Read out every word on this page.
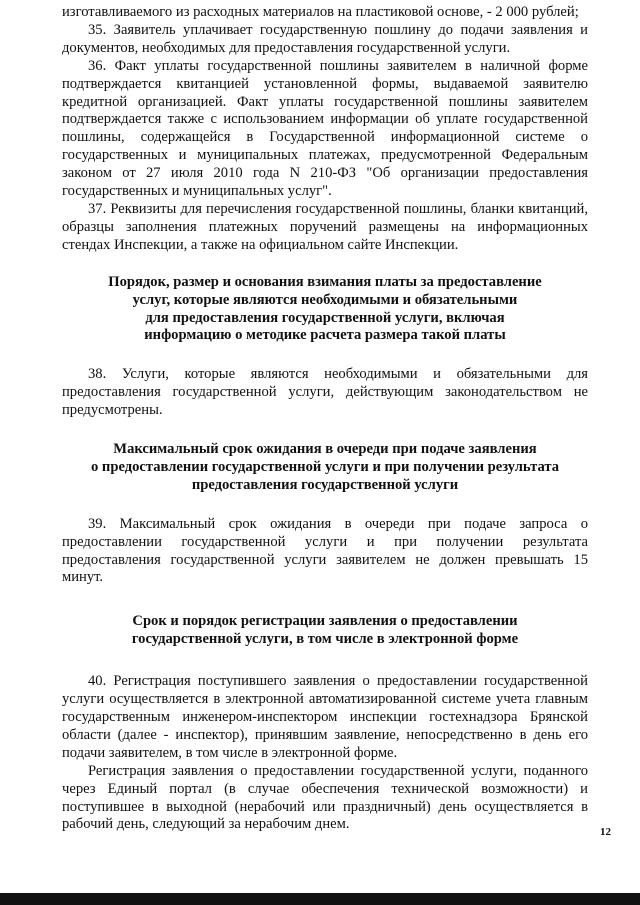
изготавливаемого из расходных материалов на пластиковой основе, - 2 000 рублей;

35. Заявитель уплачивает государственную пошлину до подачи заявления и документов, необходимых для предоставления государственной услуги.

36. Факт уплаты государственной пошлины заявителем в наличной форме подтверждается квитанцией установленной формы, выдаваемой заявителю кредитной организацией. Факт уплаты государственной пошлины заявителем подтверждается также с использованием информации об уплате государственной пошлины, содержащейся в Государственной информационной системе о государственных и муниципальных платежах, предусмотренной Федеральным законом от 27 июля 2010 года N 210-ФЗ "Об организации предоставления государственных и муниципальных услуг".

37. Реквизиты для перечисления государственной пошлины, бланки квитанций, образцы заполнения платежных поручений размещены на информационных стендах Инспекции, а также на официальном сайте Инспекции.

Порядок, размер и основания взимания платы за предоставление
услуг, которые являются необходимыми и обязательными
для предоставления государственной услуги, включая
информацию о методике расчета размера такой платы

38. Услуги, которые являются необходимыми и обязательными для предоставления государственной услуги, действующим законодательством не предусмотрены.

Максимальный срок ожидания в очереди при подаче заявления
о предоставлении государственной услуги и при получении результата
предоставления государственной услуги

39. Максимальный срок ожидания в очереди при подаче запроса о предоставлении государственной услуги и при получении результата предоставления государственной услуги заявителем не должен превышать 15 минут.

Срок и порядок регистрации заявления о предоставлении
государственной услуги, в том числе в электронной форме

40. Регистрация поступившего заявления о предоставлении государственной услуги осуществляется в электронной автоматизированной системе учета главным государственным инженером-инспектором инспекции гостехнадзора Брянской области (далее - инспектор), принявшим заявление, непосредственно в день его подачи заявителем, в том числе в электронной форме.

Регистрация заявления о предоставлении государственной услуги, поданного через Единый портал (в случае обеспечения технической возможности) и поступившее в выходной (нерабочий или праздничный) день осуществляется в рабочий день, следующий за нерабочим днем.	12
